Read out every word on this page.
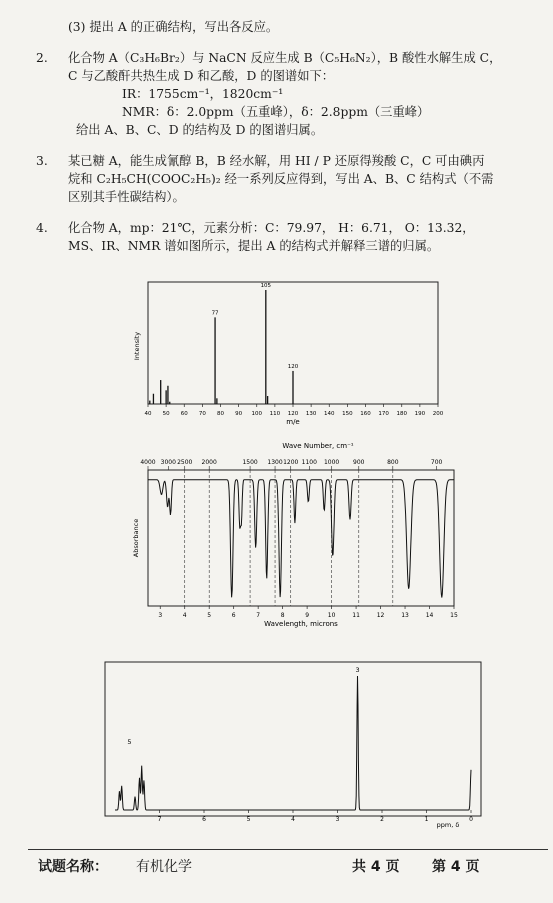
(3) 提出 A 的正确结构，写出各反应。
2. 化合物 A（C₃H₆Br₂）与 NaCN 反应生成 B（C₅H₆N₂），B 酸性水解生成 C，
C 与乙酸酐共热生成 D 和乙酸，D 的图谱如下：
IR：1755cm⁻¹，1820cm⁻¹
NMR：δ：2.0ppm（五重峰），δ：2.8ppm（三重峰）
给出 A、B、C、D 的结构及 D 的图谱归属。
3. 某已糖 A，能生成氰醇 B，B 经水解，用 HI / P 还原得羧酸 C，C 可由碘丙
烷和 C₂H₅CH(COOC₂H₅)₂ 经一系列反应得到，写出 A、B、C 结构式（不需
区别其手性碳结构）。
4. 化合物 A，mp：21℃，元素分析：C：79.97， H：6.71， O：13.32，
MS、IR、NMR 谱如图所示，提出 A 的结构式并解释三谱的归属。
77
105
120
40 50 60 70 80 90 100 110 120 130 140 150 160 170 180 190 200
Intensity
m/e
Wave Number, cm⁻¹
4000 3000 2500 2000	1500 1300 1200 1100 1000 900	800	700
3	4	5	6	7	8	9	10	11	12	13	14	15
Absorbance
Wavelength, microns
7	6	5	4	3	2	1	0
5
3
ppm, δ
试题名称： 有机化学	共 4 页 第 4 页
